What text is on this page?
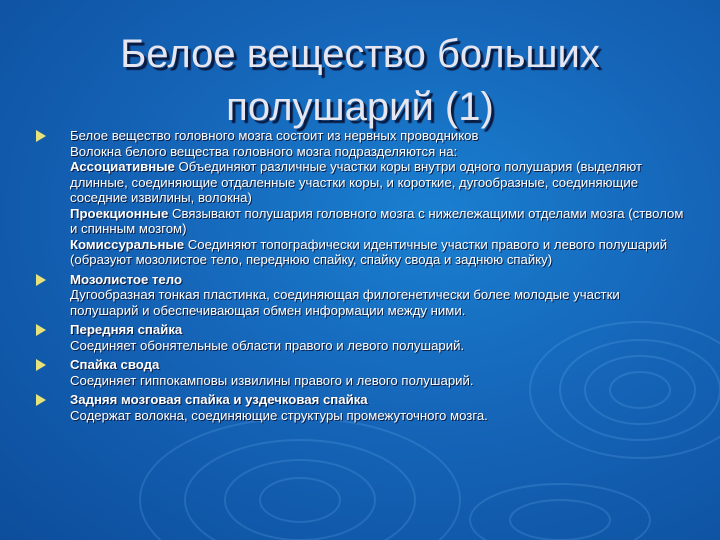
Белое вещество больших
полушарий (1)
Белое вещество головного мозга состоит из нервных проводников
Волокна белого вещества головного мозга подразделяются на:
Ассоциативные Объединяют различные участки коры внутри одного полушария (выделяют длинные, соединяющие отдаленные участки коры, и короткие, дугообразные, соединяющие соседние извилины, волокна)
Проекционные Связывают полушария головного мозга с нижележащими отделами мозга (стволом и спинным мозгом)
Комиссуральные Соединяют топографически идентичные участки правого и левого полушарий (образуют мозолистое тело, переднюю спайку, спайку свода и заднюю спайку)
Мозолистое тело
Дугообразная тонкая пластинка, соединяющая филогенетически более молодые участки полушарий и обеспечивающая обмен информации между ними.
Передняя спайка
Соединяет обонятельные области правого и левого полушарий.
Спайка свода
Соединяет гиппокамповы извилины правого и левого полушарий.
Задняя мозговая спайка и уздечковая спайка
Содержат волокна, соединяющие структуры промежуточного мозга.
